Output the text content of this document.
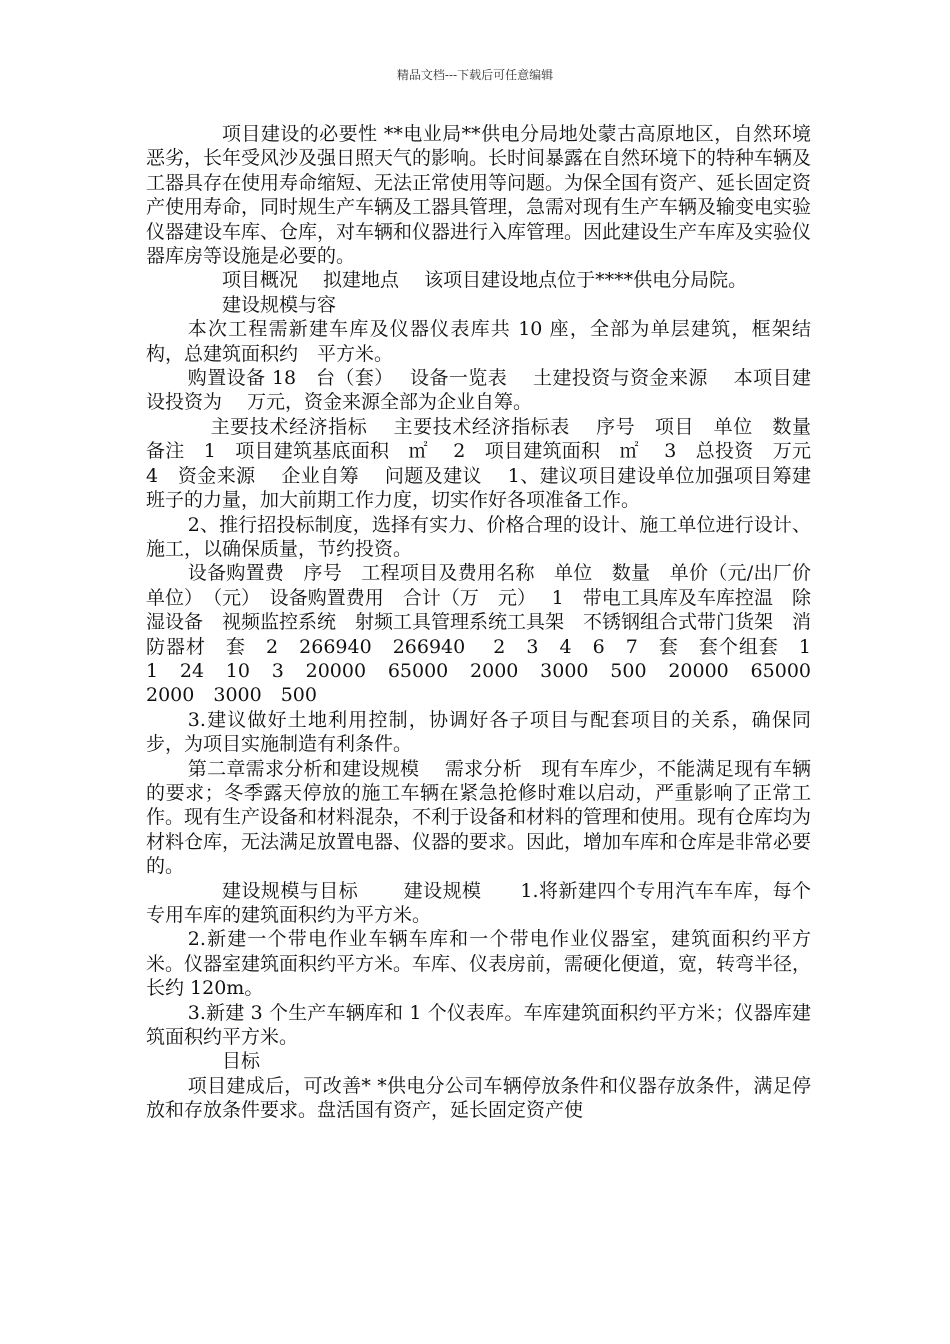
精品文档---下载后可任意编辑

项目建设的必要性 **电业局**供电分局地处蒙古高原地区，自然环境恶劣，长年受风沙及强日照天气的影响。长时间暴露在自然环境下的特种车辆及工器具存在使用寿命缩短、无法正常使用等问题。为保全国有资产、延长固定资产使用寿命，同时规生产车辆及工器具管理，急需对现有生产车辆及输变电实验仪器建设车库、仓库，对车辆和仪器进行入库管理。因此建设生产车库及实验仪器库房等设施是必要的。

项目概况　 拟建地点　 该项目建设地点位于****供电分局院。

建设规模与容

本次工程需新建车库及仪器仪表库共 10 座，全部为单层建筑，框架结构，总建筑面积约　平方米。

购置设备 18　台（套）　 设备一览表　 土建投资与资金来源　 本项目建设投资为　 万元，资金来源全部为企业自筹。

主要技术经济指标　 主要技术经济指标表　 序号　项目　单位　数量　备注　1　项目建筑基底面积　㎡　 2　项目建筑面积　㎡　 3　总投资　万元　 4　资金来源　 企业自筹　 问题及建议　 1、建议项目建设单位加强项目筹建班子的力量，加大前期工作力度，切实作好各项准备工作。

2、推行招投标制度，选择有实力、价格合理的设计、施工单位进行设计、施工，以确保质量，节约投资。

设备购置费　序号　工程项目及费用名称　单位　数量　单价（元/出厂价　单位）　（元）　设备购置费用　合计（万　元）　 1　带电工具库及车库控温　除湿设备　视频监控系统　射频工具管理系统工具架　不锈钢组合式带门货架　消防器材　套　2　266940　266940　 2　3　4　6　7　套　套个组套　1　1　24　10　3　20000　65000　2000　3000　500　20000　65000　2000　3000　500

3.建议做好土地利用控制，协调好各子项目与配套项目的关系，确保同步，为项目实施制造有利条件。

第二章需求分析和建设规模　 需求分析　现有车库少，不能满足现有车辆的要求；冬季露天停放的施工车辆在紧急抢修时难以启动，严重影响了正常工作。现有生产设备和材料混杂，不利于设备和材料的管理和使用。现有仓库均为材料仓库，无法满足放置电器、仪器的要求。因此，增加车库和仓库是非常必要的。

建设规模与目标　　 建设规模　　1.将新建四个专用汽车车库，每个专用车库的建筑面积约为平方米。

2.新建一个带电作业车辆车库和一个带电作业仪器室，建筑面积约平方米。仪器室建筑面积约平方米。车库、仪表房前，需硬化便道，宽，转弯半径，长约 120m。

3.新建 3 个生产车辆库和 1 个仪表库。车库建筑面积约平方米；仪器库建筑面积约平方米。

目标

项目建成后，可改善* *供电分公司车辆停放条件和仪器存放条件，满足停放和存放条件要求。盘活国有资产，延长固定资产使
